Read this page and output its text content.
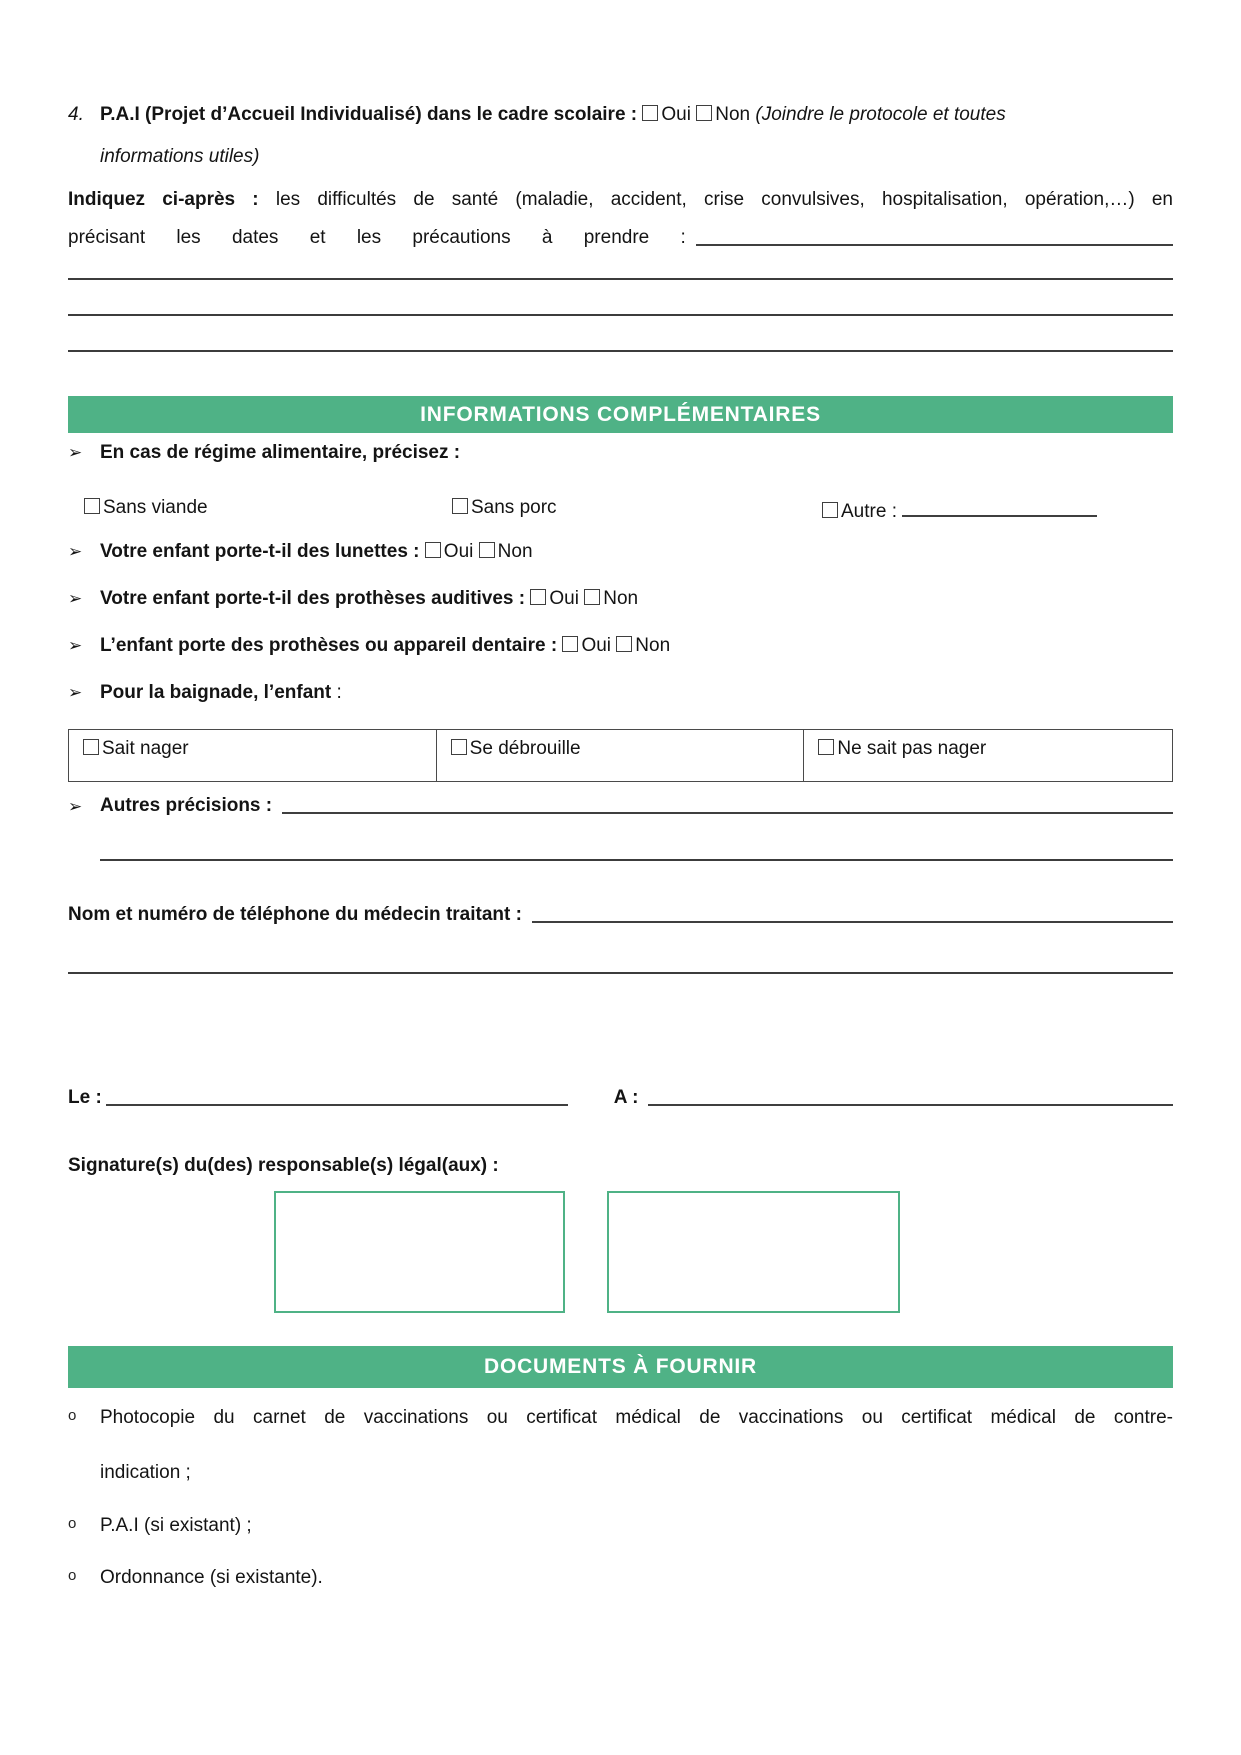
4. P.A.I (Projet d’Accueil Individualisé) dans le cadre scolaire : Oui Non (Joindre le protocole et toutes
informations utiles)
Indiquez ci-après : les difficultés de santé (maladie, accident, crise convulsives, hospitalisation, opération,…) en
précisant les dates et les précautions à prendre :
INFORMATIONS COMPLÉMENTAIRES
➢ En cas de régime alimentaire, précisez :
Sans viande	Sans porc	Autre :
➢ Votre enfant porte-t-il des lunettes : Oui Non
➢ Votre enfant porte-t-il des prothèses auditives : Oui Non
➢ L’enfant porte des prothèses ou appareil dentaire : Oui Non
➢ Pour la baignade, l’enfant :
Sait nager	Se débrouille	Ne sait pas nager
➢ Autres précisions :
Nom et numéro de téléphone du médecin traitant :
Le :	A :
Signature(s) du(des) responsable(s) légal(aux) :
DOCUMENTS À FOURNIR
o	Photocopie du carnet de vaccinations ou certificat médical de vaccinations ou certificat médical de contre-
indication ;
o	P.A.I (si existant) ;
o	Ordonnance (si existante).
